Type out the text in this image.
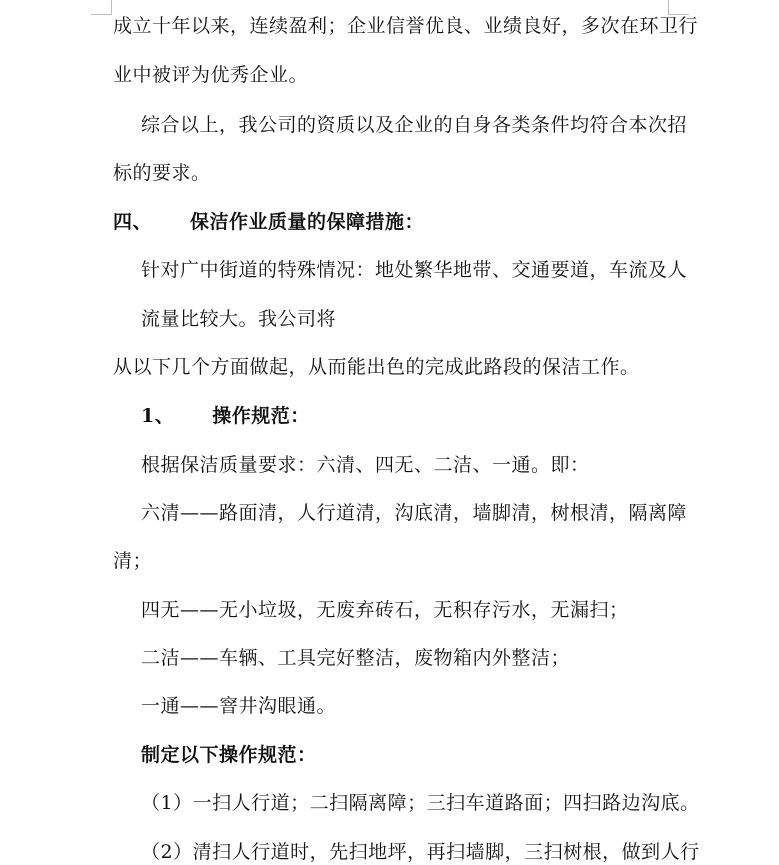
成立十年以来，连续盈利；企业信誉优良、业绩良好，多次在环卫行
业中被评为优秀企业。
综合以上，我公司的资质以及企业的自身各类条件均符合本次招
标的要求。
四、 保洁作业质量的保障措施：
针对广中街道的特殊情况：地处繁华地带、交通要道，车流及人
流量比较大。我公司将
从以下几个方面做起，从而能出色的完成此路段的保洁工作。
1、 操作规范：
根据保洁质量要求：六清、四无、二洁、一通。即：
六清——路面清，人行道清，沟底清，墙脚清，树根清，隔离障
清；
四无——无小垃圾，无废弃砖石，无积存污水，无漏扫；
二洁——车辆、工具完好整洁，废物箱内外整洁；
一通——窨井沟眼通。
制定以下操作规范：
（1）一扫人行道；二扫隔离障；三扫车道路面；四扫路边沟底。
（2）清扫人行道时，先扫地坪，再扫墙脚，三扫树根，做到人行
